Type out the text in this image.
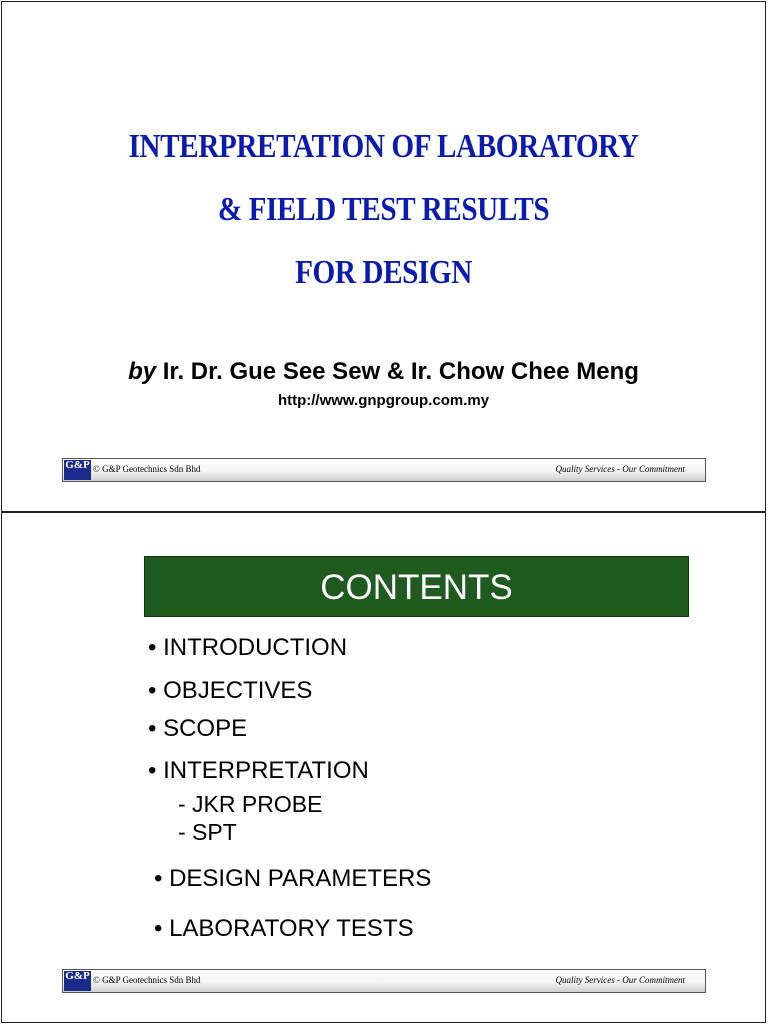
INTERPRETATION OF LABORATORY
& FIELD TEST RESULTS
FOR DESIGN
by Ir. Dr. Gue See Sew & Ir. Chow Chee Meng
http://www.gnpgroup.com.my
G&P © G&P Geotechnics Sdn Bhd	Quality Services - Our Commitment
CONTENTS
• INTRODUCTION
• OBJECTIVES
• SCOPE
• INTERPRETATION
- JKR PROBE
- SPT
• DESIGN PARAMETERS
• LABORATORY TESTS
G&P © G&P Geotechnics Sdn Bhd	Quality Services - Our Commitment
